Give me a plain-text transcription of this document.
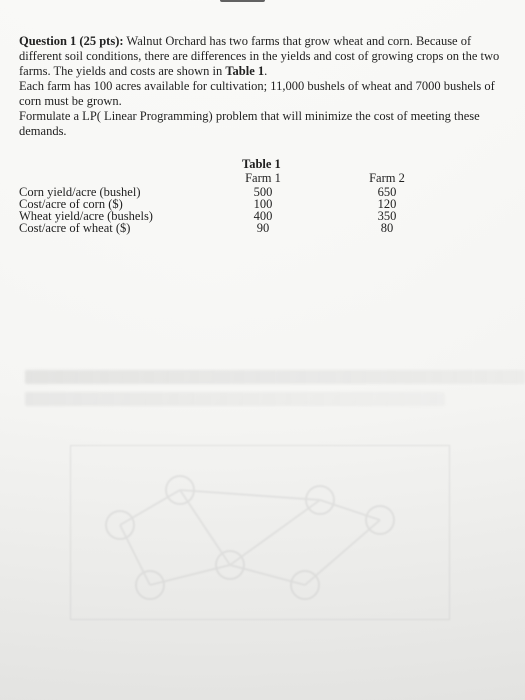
Question 1 (25 pts): Walnut Orchard has two farms that grow wheat and corn. Because of
different soil conditions, there are differences in the yields and cost of growing crops on the two
farms. The yields and costs are shown in Table 1.
Each farm has 100 acres available for cultivation; 11,000 bushels of wheat and 7000 bushels of
corn must be grown.
Formulate a LP( Linear Programming) problem that will minimize the cost of meeting these
demands.
Table 1
Farm 1	Farm 2
Corn yield/acre (bushel)
Cost/acre of corn ($)
Wheat yield/acre (bushels)
Cost/acre of wheat ($)
500
100
400
90
650
120
350
80
